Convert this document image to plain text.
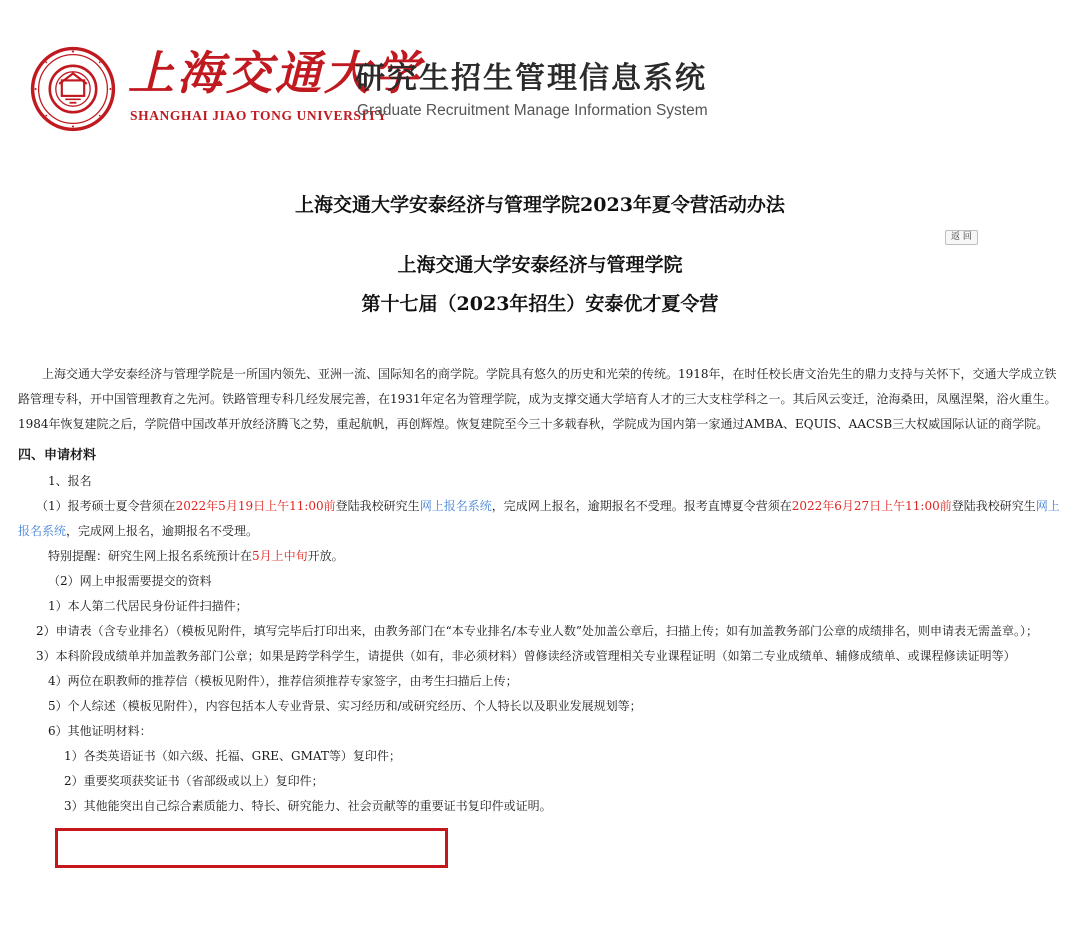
上海交通大学
SHANGHAI JIAO TONG UNIVERSITY
研究生招生管理信息系统
Graduate Recruitment Manage Information System
上海交通大学安泰经济与管理学院2023年夏令营活动办法
返 回
上海交通大学安泰经济与管理学院
第十七届（2023年招生）安泰优才夏令营

上海交通大学安泰经济与管理学院是一所国内领先、亚洲一流、国际知名的商学院。学院具有悠久的历史和光荣的传统。1918年，在时任校长唐文治先生的鼎力支持与关怀下，交通大学成立铁路管理专科，开中国管理教育之先河。铁路管理专科几经发展完善，在1931年定名为管理学院，成为支撑交通大学培育人才的三大支柱学科之一。其后风云变迁，沧海桑田，凤凰涅槃，浴火重生。1984年恢复建院之后，学院借中国改革开放经济腾飞之势，重起航帆，再创辉煌。恢复建院至今三十多载春秋，学院成为国内第一家通过AMBA、EQUIS、AACSB三大权威国际认证的商学院。

四、申请材料

1、报名

（1）报考硕士夏令营须在2022年5月19日上午11:00前登陆我校研究生网上报名系统，完成网上报名，逾期报名不受理。报考直博夏令营须在2022年6月27日上午11:00前登陆我校研究生网上报名系统，完成网上报名，逾期报名不受理。

特别提醒：研究生网上报名系统预计在5月上中旬开放。

（2）网上申报需要提交的资料

1）本人第二代居民身份证件扫描件；

2）申请表（含专业排名）（模板见附件，填写完毕后打印出来，由教务部门在“本专业排名/本专业人数”处加盖公章后，扫描上传；如有加盖教务部门公章的成绩排名，则申请表无需盖章。）；

3）本科阶段成绩单并加盖教务部门公章；如果是跨学科学生，请提供（如有，非必须材料）曾修读经济或管理相关专业课程证明（如第二专业成绩单、辅修成绩单、或课程修读证明等）

4）两位在职教师的推荐信（模板见附件），推荐信须推荐专家签字，由考生扫描后上传；

5）个人综述（模板见附件），内容包括本人专业背景、实习经历和/或研究经历、个人特长以及职业发展规划等；

6）其他证明材料：

1）各类英语证书（如六级、托福、GRE、GMAT等）复印件；

2）重要奖项获奖证书（省部级或以上）复印件；

3）其他能突出自己综合素质能力、特长、研究能力、社会贡献等的重要证书复印件或证明。
